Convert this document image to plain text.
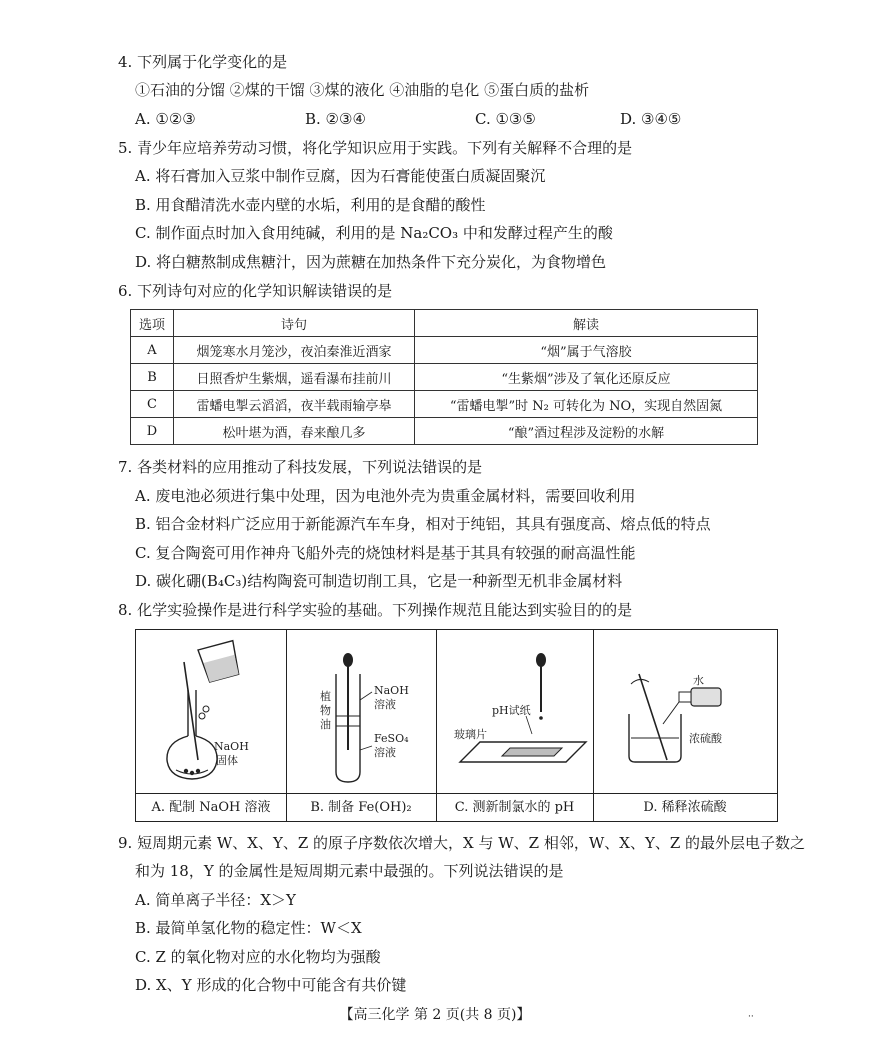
4. 下列属于化学变化的是
①石油的分馏 ②煤的干馏 ③煤的液化 ④油脂的皂化 ⑤蛋白质的盐析
A. ①②③	B. ②③④	C. ①③⑤	D. ③④⑤
5. 青少年应培养劳动习惯，将化学知识应用于实践。下列有关解释不合理的是
A. 将石膏加入豆浆中制作豆腐，因为石膏能使蛋白质凝固聚沉
B. 用食醋清洗水壶内壁的水垢，利用的是食醋的酸性
C. 制作面点时加入食用纯碱，利用的是 Na₂CO₃ 中和发酵过程产生的酸
D. 将白糖熬制成焦糖汁，因为蔗糖在加热条件下充分炭化，为食物增色
6. 下列诗句对应的化学知识解读错误的是
选项	诗句	解读
A	烟笼寒水月笼沙，夜泊秦淮近酒家	“烟”属于气溶胶
B	日照香炉生紫烟，遥看瀑布挂前川	“生紫烟”涉及了氧化还原反应
C	雷蟠电掣云滔滔，夜半载雨输亭皋	“雷蟠电掣”时 N₂ 可转化为 NO，实现自然固氮
D	松叶堪为酒，春来酿几多	“酿”酒过程涉及淀粉的水解
7. 各类材料的应用推动了科技发展，下列说法错误的是
A. 废电池必须进行集中处理，因为电池外壳为贵重金属材料，需要回收利用
B. 铝合金材料广泛应用于新能源汽车车身，相对于纯铝，其具有强度高、熔点低的特点
C. 复合陶瓷可用作神舟飞船外壳的烧蚀材料是基于其具有较强的耐高温性能
D. 碳化硼(B₄C₃)结构陶瓷可制造切削工具，它是一种新型无机非金属材料
8. 化学实验操作是进行科学实验的基础。下列操作规范且能达到实验目的的是
NaOH
固体
A. 配制 NaOH 溶液
NaOH
溶液
植
物
油
FeSO₄
溶液
B. 制备 Fe(OH)₂
pH试纸
玻璃片
C. 测新制氯水的 pH
水
浓硫酸
D. 稀释浓硫酸
9. 短周期元素 W、X、Y、Z 的原子序数依次增大，X 与 W、Z 相邻，W、X、Y、Z 的最外层电子数之
和为 18，Y 的金属性是短周期元素中最强的。下列说法错误的是
A. 简单离子半径：X＞Y
B. 最简单氢化物的稳定性：W＜X
C. Z 的氧化物对应的水化物均为强酸
D. X、Y 形成的化合物中可能含有共价键
【高三化学 第 2 页(共 8 页)】	··
